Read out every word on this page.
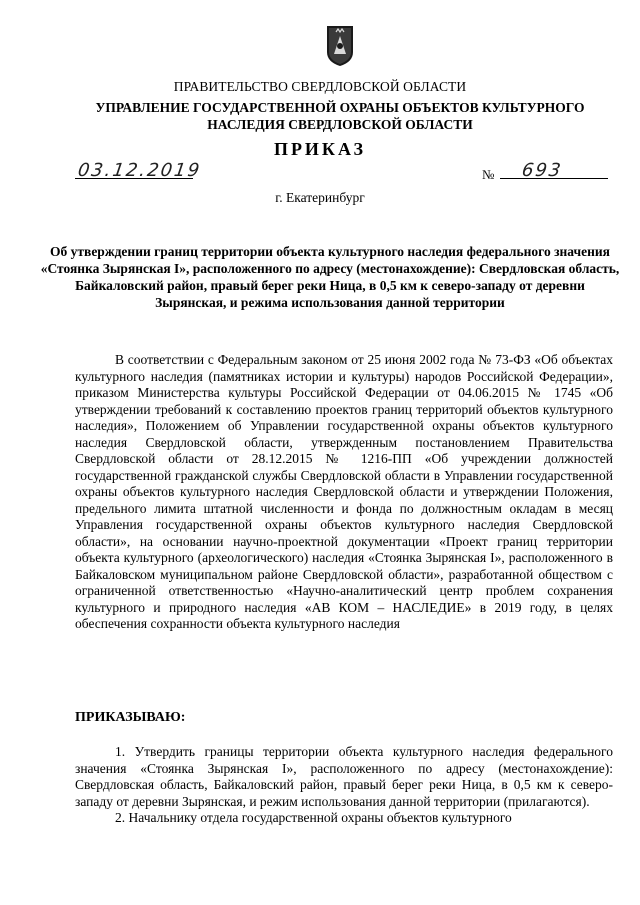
ПРАВИТЕЛЬСТВО СВЕРДЛОВСКОЙ ОБЛАСТИ
УПРАВЛЕНИЕ ГОСУДАРСТВЕННОЙ ОХРАНЫ ОБЪЕКТОВ КУЛЬТУРНОГО НАСЛЕДИЯ СВЕРДЛОВСКОЙ ОБЛАСТИ
ПРИКАЗ
03.12.2019	№ 693
г. Екатеринбург
Об утверждении границ территории объекта культурного наследия федерального значения «Стоянка Зырянская I», расположенного по адресу (местонахождение): Свердловская область, Байкаловский район, правый берег реки Ница, в 0,5 км к северо-западу от деревни Зырянская, и режима использования данной территории
В соответствии с Федеральным законом от 25 июня 2002 года № 73-ФЗ «Об объектах культурного наследия (памятниках истории и культуры) народов Российской Федерации», приказом Министерства культуры Российской Федерации от 04.06.2015 № 1745 «Об утверждении требований к составлению проектов границ территорий объектов культурного наследия», Положением об Управлении государственной охраны объектов культурного наследия Свердловской области, утвержденным постановлением Правительства Свердловской области от 28.12.2015 № 1216-ПП «Об учреждении должностей государственной гражданской службы Свердловской области в Управлении государственной охраны объектов культурного наследия Свердловской области и утверждении Положения, предельного лимита штатной численности и фонда по должностным окладам в месяц Управления государственной охраны объектов культурного наследия Свердловской области», на основании научно-проектной документации «Проект границ территории объекта культурного (археологического) наследия «Стоянка Зырянская I», расположенного в Байкаловском муниципальном районе Свердловской области», разработанной обществом с ограниченной ответственностью «Научно-аналитический центр проблем сохранения культурного и природного наследия «АВ КОМ – НАСЛЕДИЕ» в 2019 году, в целях обеспечения сохранности объекта культурного наследия
ПРИКАЗЫВАЮ:

1. Утвердить границы территории объекта культурного наследия федерального значения «Стоянка Зырянская I», расположенного по адресу (местонахождение): Свердловская область, Байкаловский район, правый берег реки Ница, в 0,5 км к северо-западу от деревни Зырянская, и режим использования данной территории (прилагаются).

2. Начальнику отдела государственной охраны объектов культурного
